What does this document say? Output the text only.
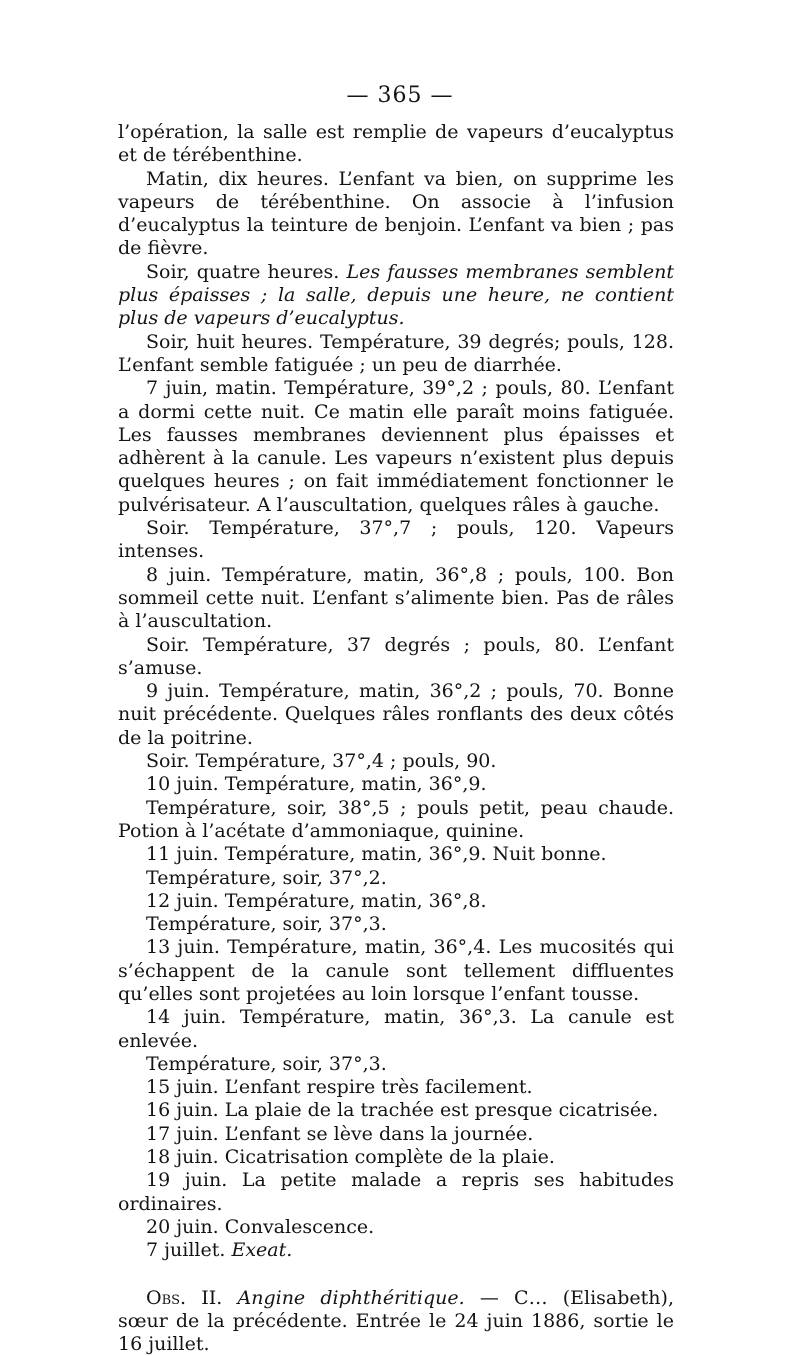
— 365 —

l’opération, la salle est remplie de vapeurs d’eucalyptus et de térébenthine.

Matin, dix heures. L’enfant va bien, on supprime les vapeurs de térébenthine. On associe à l’infusion d’eucalyptus la teinture de benjoin. L’enfant va bien ; pas de fièvre.

Soir, quatre heures. Les fausses membranes semblent plus épaisses ; la salle, depuis une heure, ne contient plus de vapeurs d’eucalyptus.

Soir, huit heures. Température, 39 degrés; pouls, 128. L’enfant semble fatiguée ; un peu de diarrhée.

7 juin, matin. Température, 39°,2 ; pouls, 80. L’enfant a dormi cette nuit. Ce matin elle paraît moins fatiguée. Les fausses membranes deviennent plus épaisses et adhèrent à la canule. Les vapeurs n’existent plus depuis quelques heures ; on fait immédiatement fonctionner le pulvérisateur. A l’auscultation, quelques râles à gauche.

Soir. Température, 37°,7 ; pouls, 120. Vapeurs intenses.

8 juin. Température, matin, 36°,8 ; pouls, 100. Bon sommeil cette nuit. L’enfant s’alimente bien. Pas de râles à l’auscultation.

Soir. Température, 37 degrés ; pouls, 80. L’enfant s’amuse.

9 juin. Température, matin, 36°,2 ; pouls, 70. Bonne nuit précédente. Quelques râles ronflants des deux côtés de la poitrine.

Soir. Température, 37°,4 ; pouls, 90.

10 juin. Température, matin, 36°,9.

Température, soir, 38°,5 ; pouls petit, peau chaude. Potion à l’acétate d’ammoniaque, quinine.

11 juin. Température, matin, 36°,9. Nuit bonne.

Température, soir, 37°,2.

12 juin. Température, matin, 36°,8.

Température, soir, 37°,3.

13 juin. Température, matin, 36°,4. Les mucosités qui s’échappent de la canule sont tellement diffluentes qu’elles sont projetées au loin lorsque l’enfant tousse.

14 juin. Température, matin, 36°,3. La canule est enlevée.

Température, soir, 37°,3.

15 juin. L’enfant respire très facilement.

16 juin. La plaie de la trachée est presque cicatrisée.

17 juin. L’enfant se lève dans la journée.

18 juin. Cicatrisation complète de la plaie.

19 juin. La petite malade a repris ses habitudes ordinaires.

20 juin. Convalescence.

7 juillet. Exeat.

Obs. II. Angine diphthéritique. — C… (Elisabeth), sœur de la précédente. Entrée le 24 juin 1886, sortie le 16 juillet.
